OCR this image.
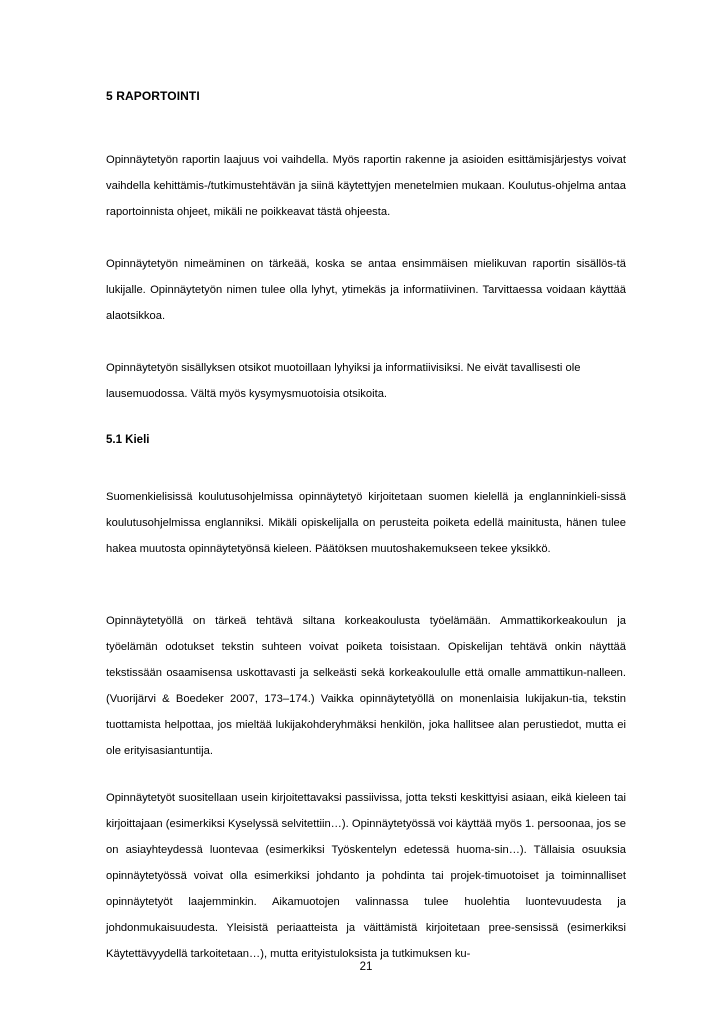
5 RAPORTOINTI

Opinnäytetyön raportin laajuus voi vaihdella. Myös raportin rakenne ja asioiden esittämisjärjestys voivat vaihdella kehittämis-/tutkimustehtävän ja siinä käytettyjen menetelmien mukaan. Koulutus-ohjelma antaa raportoinnista ohjeet, mikäli ne poikkeavat tästä ohjeesta.

Opinnäytetyön nimeäminen on tärkeää, koska se antaa ensimmäisen mielikuvan raportin sisällös-tä lukijalle. Opinnäytetyön nimen tulee olla lyhyt, ytimekäs ja informatiivinen. Tarvittaessa voidaan käyttää alaotsikkoa.

Opinnäytetyön sisällyksen otsikot muotoillaan lyhyiksi ja informatiivisiksi. Ne eivät tavallisesti ole lausemuodossa. Vältä myös kysymysmuotoisia otsikoita.

5.1 Kieli

Suomenkielisissä koulutusohjelmissa opinnäytetyö kirjoitetaan suomen kielellä ja englanninkieli-sissä koulutusohjelmissa englanniksi. Mikäli opiskelijalla on perusteita poiketa edellä mainitusta, hänen tulee hakea muutosta opinnäytetyönsä kieleen. Päätöksen muutoshakemukseen tekee yksikkö.

Opinnäytetyöllä on tärkeä tehtävä siltana korkeakoulusta työelämään. Ammattikorkeakoulun ja työelämän odotukset tekstin suhteen voivat poiketa toisistaan. Opiskelijan tehtävä onkin näyttää tekstissään osaamisensa uskottavasti ja selkeästi sekä korkeakoululle että omalle ammattikun-nalleen. (Vuorijärvi & Boedeker 2007, 173–174.) Vaikka opinnäytetyöllä on monenlaisia lukijakun-tia, tekstin tuottamista helpottaa, jos mieltää lukijakohderyhmäksi henkilön, joka hallitsee alan perustiedot, mutta ei ole erityisasiantuntija.

Opinnäytetyöt suositellaan usein kirjoitettavaksi passiivissa, jotta teksti keskittyisi asiaan, eikä kieleen tai kirjoittajaan (esimerkiksi Kyselyssä selvitettiin…). Opinnäytetyössä voi käyttää myös 1. persoonaa, jos se on asiayhteydessä luontevaa (esimerkiksi Työskentelyn edetessä huoma-sin…). Tällaisia osuuksia opinnäytetyössä voivat olla esimerkiksi johdanto ja pohdinta tai projek-timuotoiset ja toiminnalliset opinnäytetyöt laajemminkin. Aikamuotojen valinnassa tulee huolehtia luontevuudesta ja johdonmukaisuudesta. Yleisistä periaatteista ja väittämistä kirjoitetaan pree-sensissä (esimerkiksi Käytettävyydellä tarkoitetaan…), mutta erityistuloksista ja tutkimuksen ku-

21
